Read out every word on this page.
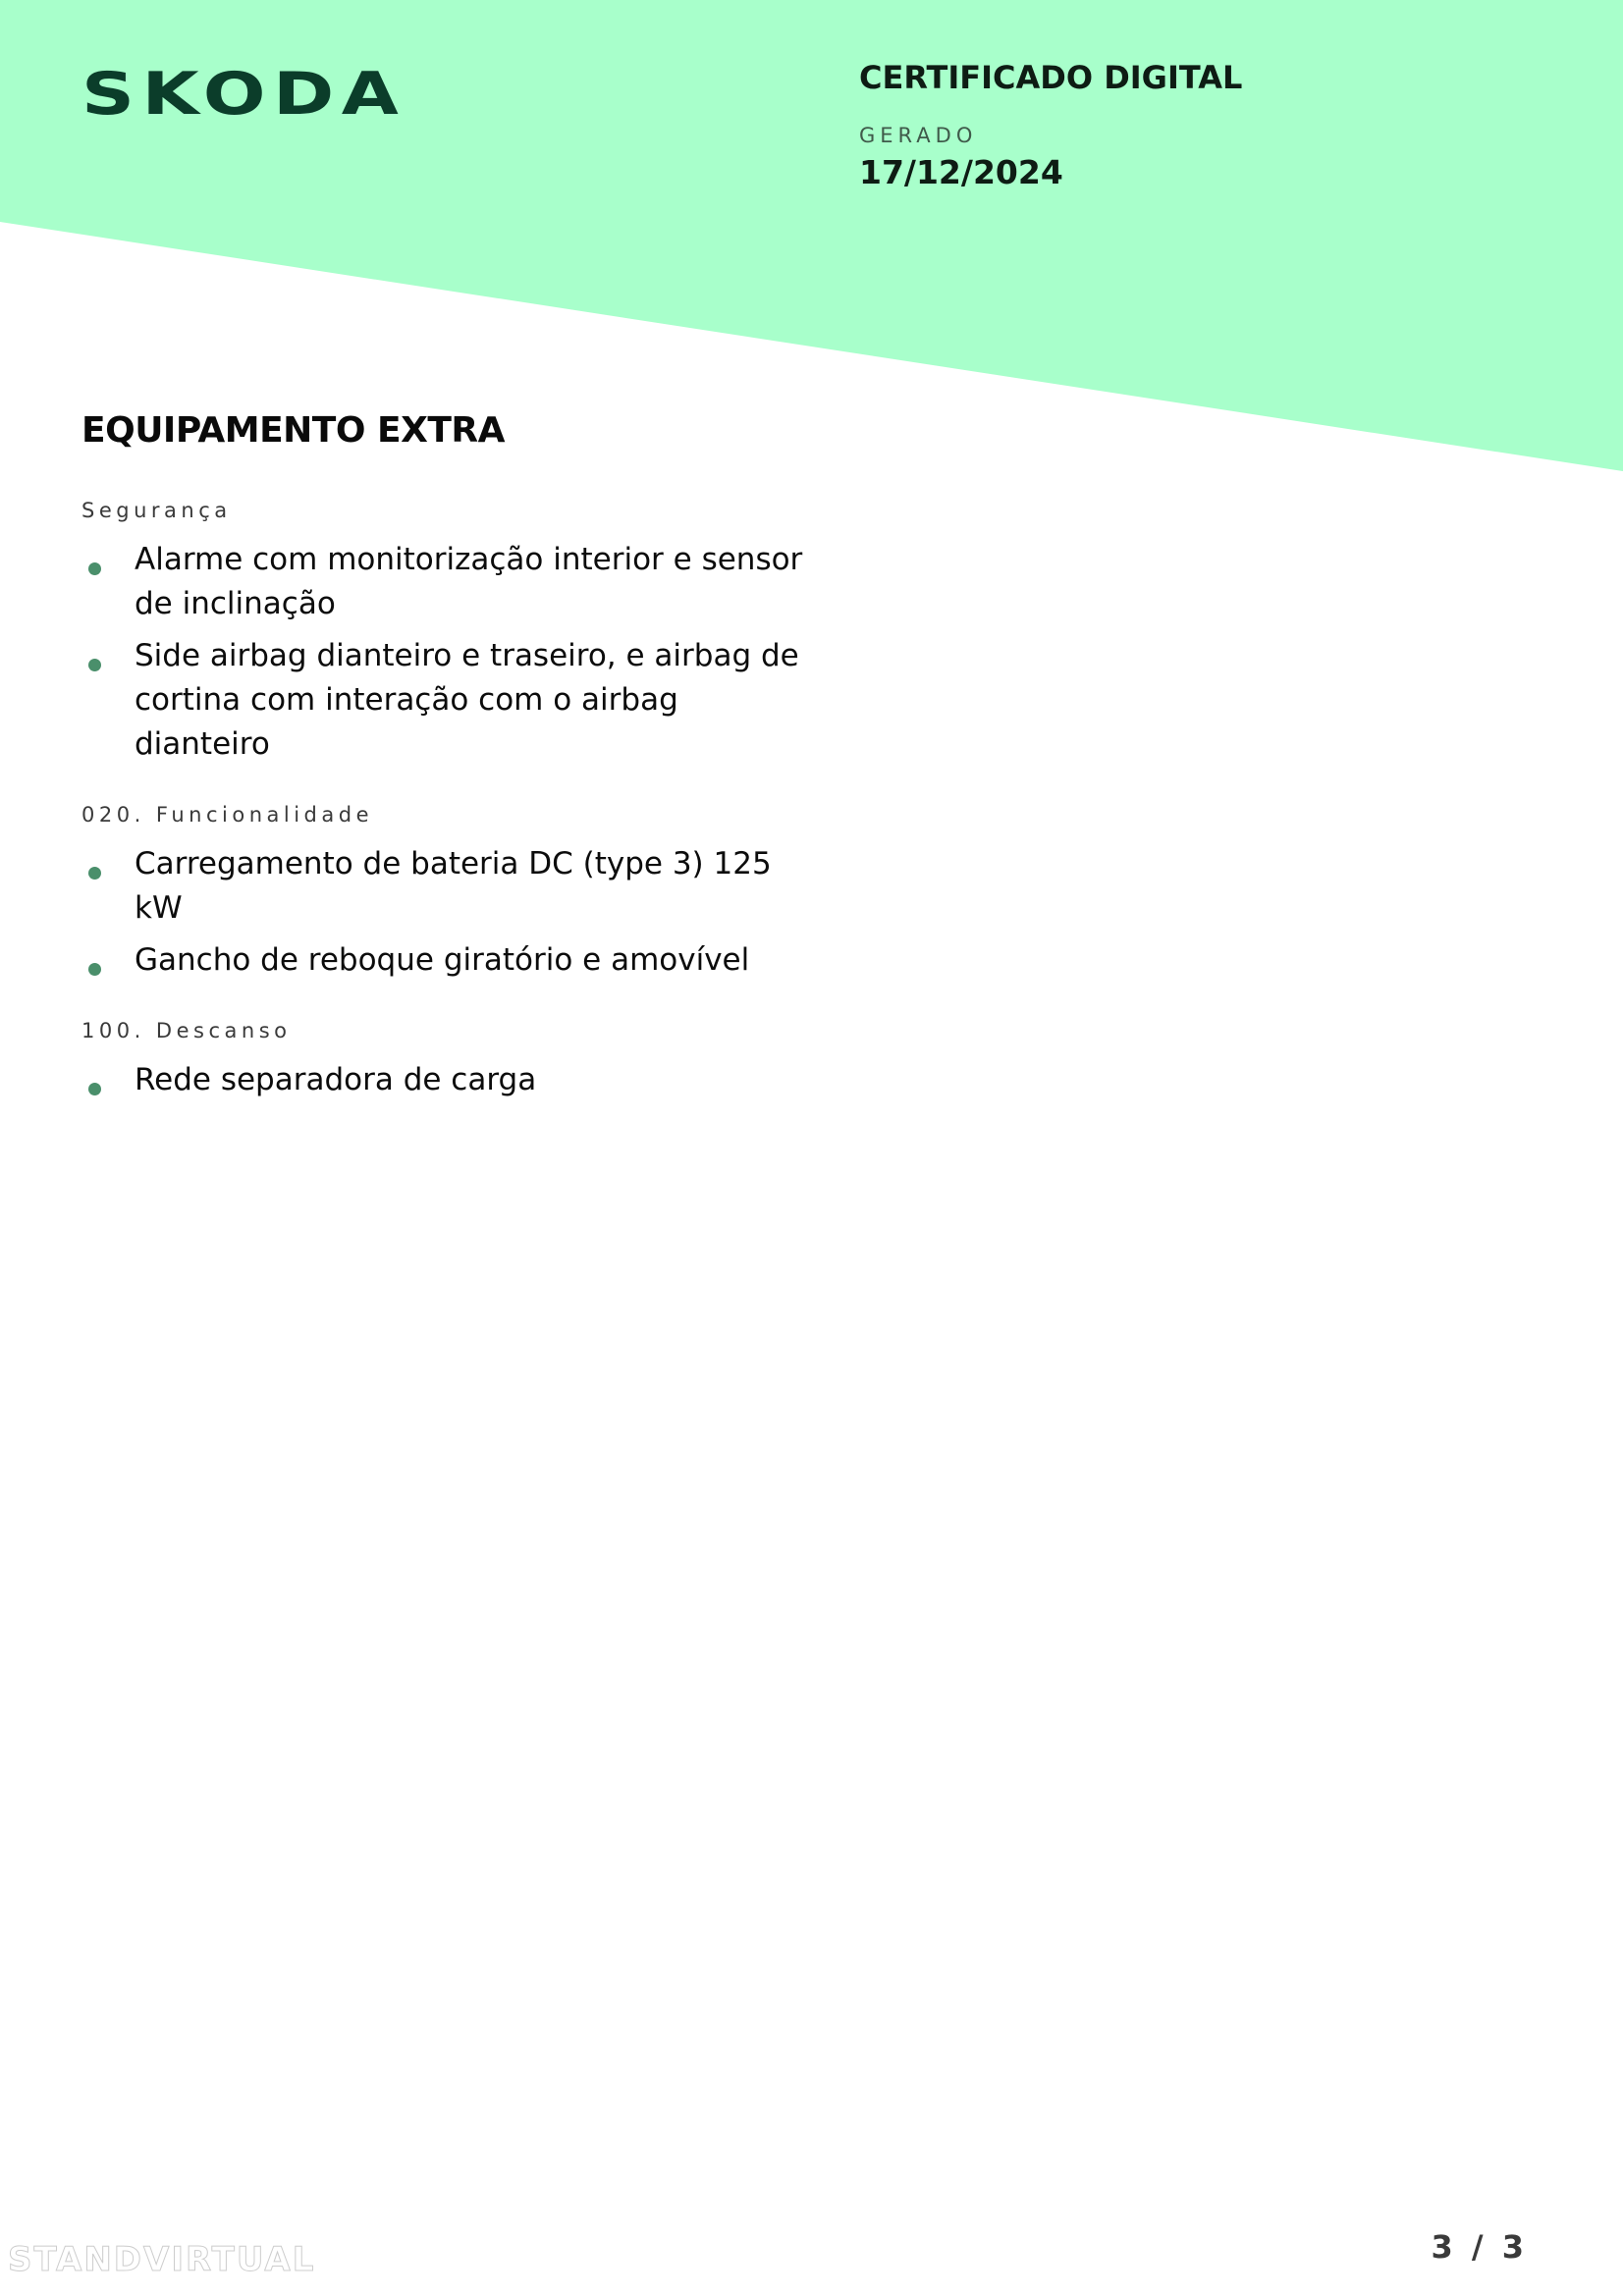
SKODA	CERTIFICADO DIGITAL
GERADO
17/12/2024
EQUIPAMENTO EXTRA
Segurança
Alarme com monitorização interior e sensor de inclinação
Side airbag dianteiro e traseiro, e airbag de cortina com interação com o airbag dianteiro
020. Funcionalidade
Carregamento de bateria DC (type 3) 125 kW
Gancho de reboque giratório e amovível
100. Descanso
Rede separadora de carga
STANDVIRTUAL	3 / 3
